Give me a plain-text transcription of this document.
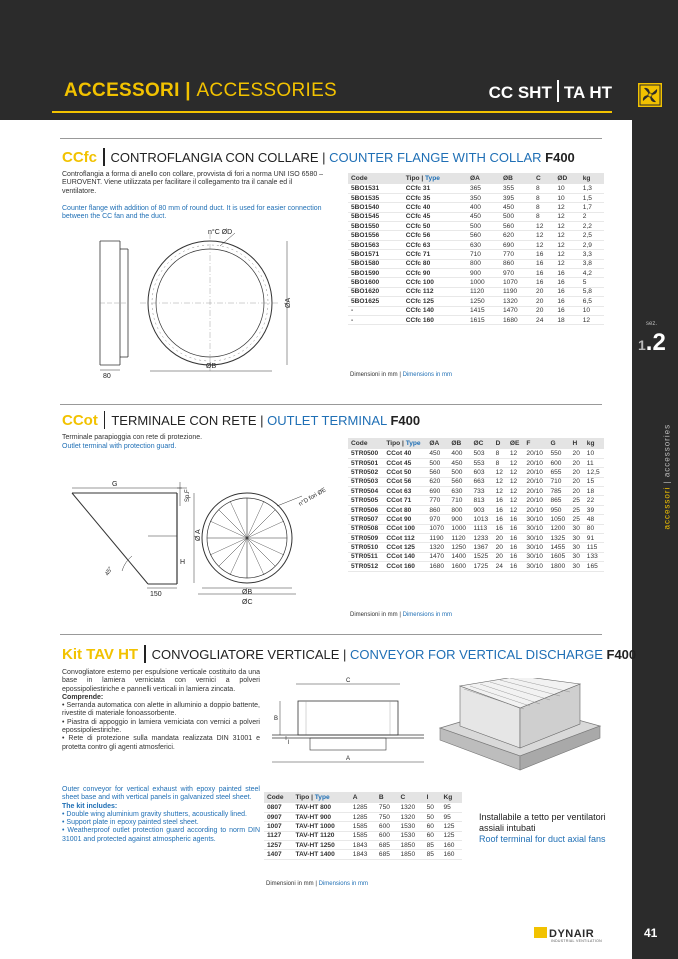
ACCESSORI | ACCESSORIES	CC SHT TA HT
sez.
1.2
accessori | accessories
CCfc CONTROFLANGIA CON COLLARE | COUNTER FLANGE WITH COLLAR F400
Controflangia a forma di anello con collare, provvista di fori a norma UNI ISO 6580 – EUROVENT. Viene utilizzata per facilitare il collegamento tra il canale ed il ventilatore.
Counter flange with addition of 80 mm of round duct. It is used for easier connection between the CC fan and the duct.
n°C ØD
ØA
ØB
80
Code	Tipo | Type	ØA	ØB	C	ØD	kg
5BO1531	CCfc 31	365	355	8	10	1,3
5BO1535	CCfc 35	350	395	8	10	1,5
5BO1540	CCfc 40	400	450	8	12	1,7
5BO1545	CCfc 45	450	500	8	12	2
5BO1550	CCfc 50	500	560	12	12	2,2
5BO1556	CCfc 56	560	620	12	12	2,5
5BO1563	CCfc 63	630	690	12	12	2,9
5BO1571	CCfc 71	710	770	16	12	3,3
5BO1580	CCfc 80	800	860	16	12	3,8
5BO1590	CCfc 90	900	970	16	16	4,2
5BO1600	CCfc 100	1000	1070	16	16	5
5BO1620	CCfc 112	1120	1190	20	16	5,8
5BO1625	CCfc 125	1250	1320	20	16	6,5
-	CCfc 140	1415	1470	20	16	10
-	CCfc 160	1615	1680	24	18	12
Dimensioni in mm | Dimensions in mm
CCot TERMINALE CON RETE | OUTLET TERMINAL F400
Terminale parapioggia con rete di protezione.
Outlet terminal with protection guard.
G
Sp.F
H
45°
150
n°D fori ØE
Ø A
ØB
ØC
Code	Tipo | Type	ØA	ØB	ØC	D	ØE	F	G	H	kg
5TR0500	CCot 40	450	400	503	8	12	20/10	550	20	10
5TR0501	CCot 45	500	450	553	8	12	20/10	600	20	11
5TR0502	CCot 50	560	500	603	12	12	20/10	655	20	12,5
5TR0503	CCot 56	620	560	663	12	12	20/10	710	20	15
5TR0504	CCot 63	690	630	733	12	12	20/10	785	20	18
5TR0505	CCot 71	770	710	813	16	12	20/10	865	25	22
5TR0506	CCot 80	860	800	903	16	12	20/10	950	25	39
5TR0507	CCot 90	970	900	1013	16	16	30/10	1050	25	48
5TR0508	CCot 100	1070	1000	1113	16	16	30/10	1200	30	80
5TR0509	CCot 112	1190	1120	1233	20	16	30/10	1325	30	91
5TR0510	CCot 125	1320	1250	1367	20	16	30/10	1455	30	115
5TR0511	CCot 140	1470	1400	1525	20	16	30/10	1605	30	133
5TR0512	CCot 160	1680	1600	1725	24	16	30/10	1800	30	165
Dimensioni in mm | Dimensions in mm
Kit TAV HT CONVOGLIATORE VERTICALE | CONVEYOR FOR VERTICAL DISCHARGE F400
Convogliatore esterno per espulsione verticale costituito da una base in lamiera verniciata con vernici a polveri epossipoliestiriche e pannelli verticali in lamiera zincata.
Comprende:
• Serranda automatica con alette in alluminio a doppio battente, rivestite di materiale fonoassorbente.
• Piastra di appoggio in lamiera verniciata con vernici a polveri epossipoliestiriche.
• Rete di protezione sulla mandata realizzata DIN 31001 e protetta contro gli agenti atmosferici.
Outer conveyor for vertical exhaust with epoxy painted steel sheet base and with vertical panels in galvanized steel sheet.
The kit includes:
• Double wing aluminium gravity shutters, acoustically lined.
• Support plate in epoxy painted steel sheet.
• Weatherproof outlet protection guard according to norm DIN 31001 and protected against atmospheric agents.
C
B
A
l
Installabile a tetto per ventilatori assiali intubati
Roof terminal for duct axial fans
Code	Tipo | Type	A	B	C	I	Kg
0807	TAV-HT 800	1285	750	1320	50	95
0907	TAV-HT 900	1285	750	1320	50	95
1007	TAV-HT 1000	1585	600	1530	60	125
1127	TAV-HT 1120	1585	600	1530	60	125
1257	TAV-HT 1250	1843	685	1850	85	160
1407	TAV-HT 1400	1843	685	1850	85	160
Dimensioni in mm | Dimensions in mm
DYNAIR
INDUSTRIAL VENTILATION
41
